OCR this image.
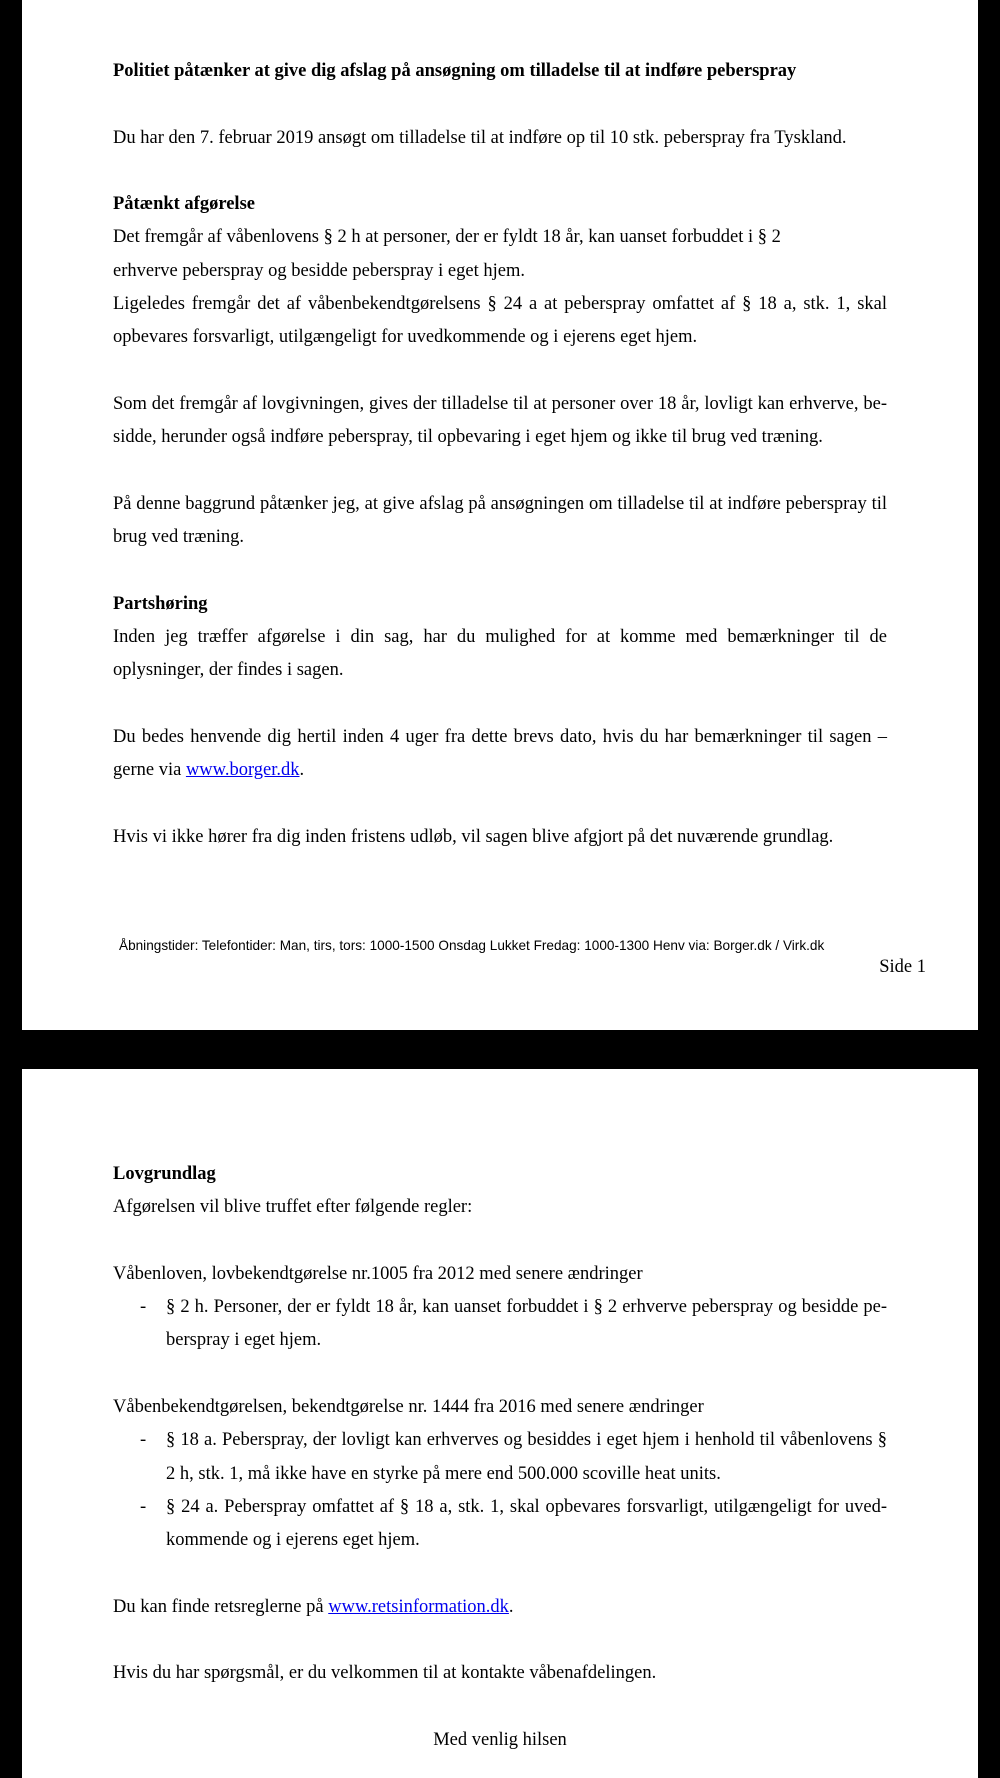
Politiet påtænker at give dig afslag på ansøgning om tilladelse til at indføre peberspray

Du har den 7. februar 2019 ansøgt om tilladelse til at indføre op til 10 stk. peberspray fra Tyskland.

Påtænkt afgørelse

Det fremgår af våbenlovens § 2 h at personer, der er fyldt 18 år, kan uanset forbuddet i § 2

erhverve peberspray og besidde peberspray i eget hjem.

Ligeledes fremgår det af våbenbekendtgørelsens § 24 a at peberspray omfattet af § 18 a, stk. 1, skal opbevares forsvarligt, utilgængeligt for uvedkommende og i ejerens eget hjem.

Som det fremgår af lovgivningen, gives der tilladelse til at personer over 18 år, lovligt kan erhverve, besidde, herunder også indføre peberspray, til opbevaring i eget hjem og ikke til brug ved træning.

På denne baggrund påtænker jeg, at give afslag på ansøgningen om tilladelse til at indføre peberspray til brug ved træning.

Partshøring

Inden jeg træffer afgørelse i din sag, har du mulighed for at komme med bemærkninger til de oplysninger, der findes i sagen.

Du bedes henvende dig hertil inden 4 uger fra dette brevs dato, hvis du har bemærkninger til sagen – gerne via www.borger.dk.

Hvis vi ikke hører fra dig inden fristens udløb, vil sagen blive afgjort på det nuværende grundlag.

Åbningstider: Telefontider: Man, tirs, tors: 1000-1500 Onsdag Lukket Fredag: 1000-1300 Henv via: Borger.dk / Virk.dk
Side 1

Lovgrundlag

Afgørelsen vil blive truffet efter følgende regler:

Våbenloven, lovbekendtgørelse nr.1005 fra 2012 med senere ændringer

-	§ 2 h. Personer, der er fyldt 18 år, kan uanset forbuddet i § 2 erhverve peberspray og besidde peberspray i eget hjem.

Våbenbekendtgørelsen, bekendtgørelse nr. 1444 fra 2016 med senere ændringer

-	§ 18 a. Peberspray, der lovligt kan erhverves og besiddes i eget hjem i henhold til våbenlovens § 2 h, stk. 1, må ikke have en styrke på mere end 500.000 scoville heat units.
-	§ 24 a. Peberspray omfattet af § 18 a, stk. 1, skal opbevares forsvarligt, utilgængeligt for uvedkommende og i ejerens eget hjem.

Du kan finde retsreglerne på www.retsinformation.dk.

Hvis du har spørgsmål, er du velkommen til at kontakte våbenafdelingen.

Med venlig hilsen
